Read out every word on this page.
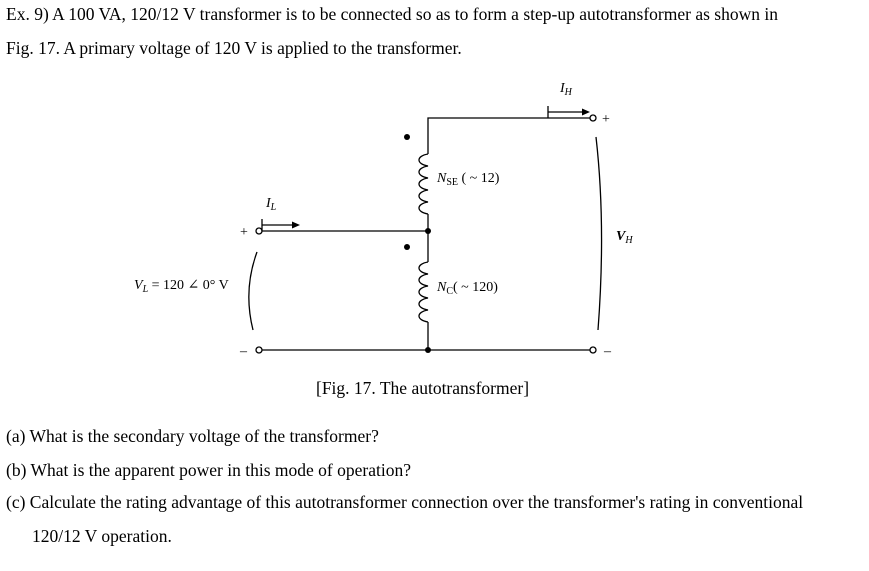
Ex. 9) A 100 VA, 120/12 V transformer is to be connected so as to form a step-up autotransformer as shown in
Fig. 17. A primary voltage of 120 V is applied to the transformer.
$I_H$
+
–
$V_H$
$I_L$
+
–
$V_L = 120$ ∠ 0° V
$N_{SE}$ ( ~ 12)
$N_C$( ~ 120)
[Fig. 17. The autotransformer]
(a) What is the secondary voltage of the transformer?
(b) What is the apparent power in this mode of operation?
(c) Calculate the rating advantage of this autotransformer connection over the transformer's rating in conventional
120/12 V operation.
